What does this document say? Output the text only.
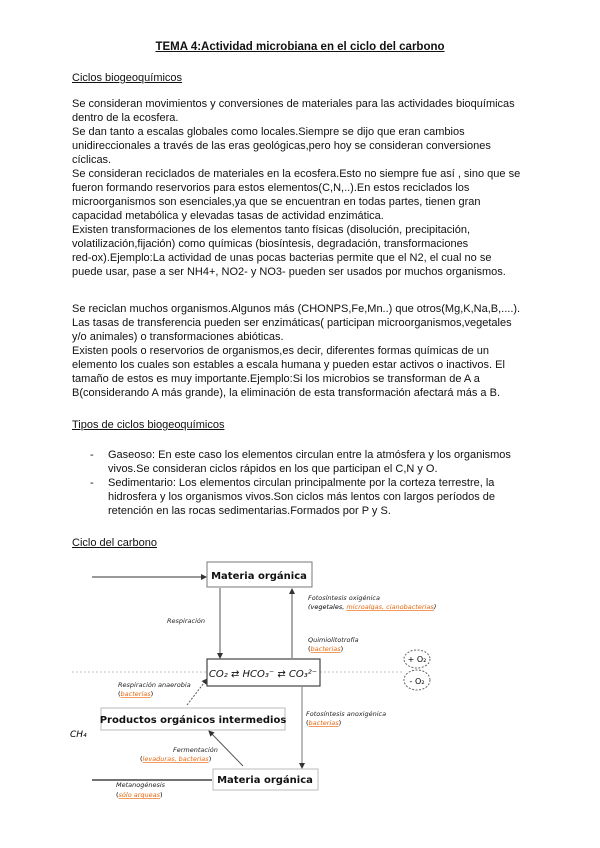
TEMA 4:Actividad microbiana en el ciclo del carbono
Ciclos biogeoquímicos
Se consideran movimientos y conversiones de materiales para las actividades bioquímicas
dentro de la ecosfera.
Se dan tanto a escalas globales como locales.Siempre se dijo que eran cambios
unidireccionales a través de las eras geológicas,pero hoy se consideran conversiones
cíclicas.
Se consideran reciclados de materiales en la ecosfera.Esto no siempre fue así , sino que se
fueron formando reservorios para estos elementos(C,N,..).En estos reciclados los
microorganismos son esenciales,ya que se encuentran en todas partes, tienen gran
capacidad metabólica y elevadas tasas de actividad enzimática.
Existen transformaciones de los elementos tanto físicas (disolución, precipitación,
volatilización,fijación) como químicas (biosíntesis, degradación, transformaciones
red-ox).Ejemplo:La actividad de unas pocas bacterias permite que el N2, el cual no se
puede usar, pase a ser NH4+, NO2- y NO3- pueden ser usados por muchos organismos.
Se reciclan muchos organismos.Algunos más (CHONPS,Fe,Mn..) que otros(Mg,K,Na,B,....).
Las tasas de transferencia pueden ser enzimáticas( participan microorganismos,vegetales
y/o animales) o transformaciones abióticas.
Existen pools o reservorios de organismos,es decir, diferentes formas químicas de un
elemento los cuales son estables a escala humana y pueden estar activos o inactivos. El
tamaño de estos es muy importante.Ejemplo:Si los microbios se transforman de A a
B(considerando A más grande), la eliminación de esta transformación afectará más a B.
Tipos de ciclos biogeoquímicos
-	Gaseoso: En este caso los elementos circulan entre la atmósfera y los organismos
vivos.Se consideran ciclos rápidos en los que participan el C,N y O.
-	Sedimentario: Los elementos circulan principalmente por la corteza terrestre, la
hidrosfera y los organismos vivos.Son ciclos más lentos con largos períodos de
retención en las rocas sedimentarias.Formados por P y S.
Ciclo del carbono
Materia orgánica
CO₂ ⇄ HCO₃⁻ ⇄ CO₃²⁻
Productos orgánicos intermedios
Materia orgánica
+ O₂
- O₂
CH₄
Respiración
Fotosíntesis oxigénica
(vegetales, microalgas, cianobacterias)
Quimiolitotrofía
(bacterias)
Respiración anaerobia
(bacterias)
Fotosíntesis anoxigénica
(bacterias)
Fermentación
(levaduras, bacterias)
Metanogénesis
(sólo arqueas)
